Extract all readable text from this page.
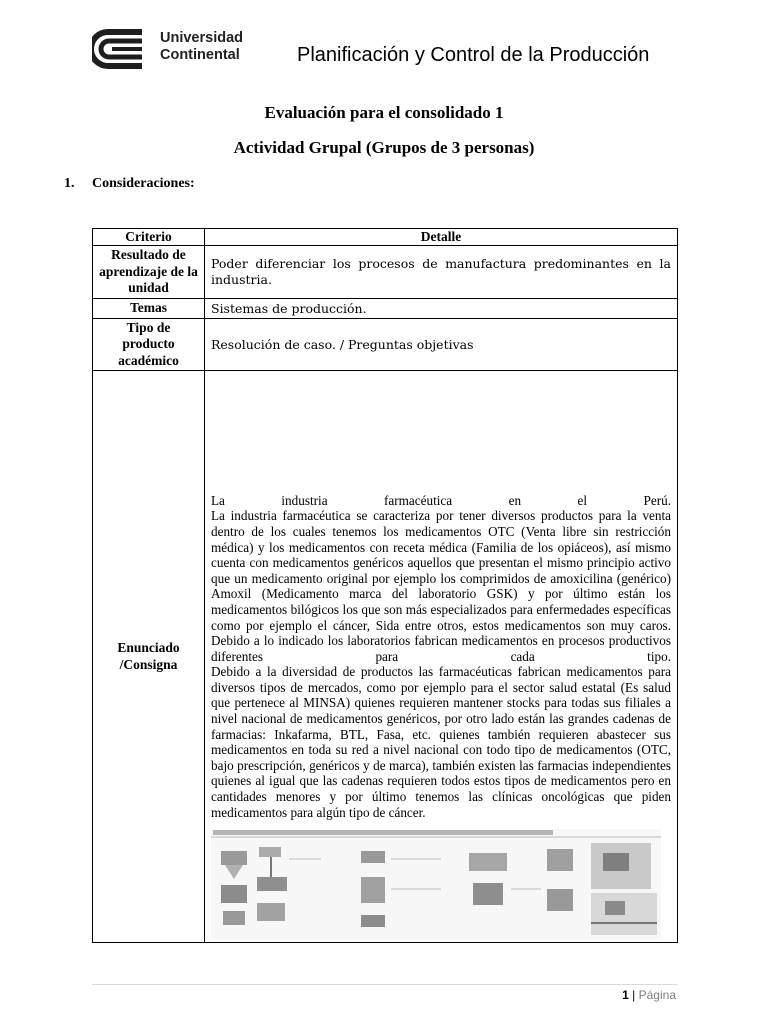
Universidad
Continental	Planificación y Control de la Producción
Evaluación para el consolidado 1
Actividad Grupal (Grupos de 3 personas)
1. Consideraciones:
Criterio	Detalle
Resultado de aprendizaje de la unidad	Poder diferenciar los procesos de manufactura predominantes en la industria.
Temas	Sistemas de producción.
Tipo de producto académico	Resolución de caso. / Preguntas objetivas
Enunciado /Consigna	La industria farmacéutica en el Perú.

La industria farmacéutica se caracteriza por tener diversos productos para la venta dentro de los cuales tenemos los medicamentos OTC (Venta libre sin restricción médica) y los medicamentos con receta médica (Familia de los opiáceos), así mismo cuenta con medicamentos genéricos aquellos que presentan el mismo principio activo que un medicamento original por ejemplo los comprimidos de amoxicilina (genérico) Amoxil (Medicamento marca del laboratorio GSK) y por último están los medicamentos bilógicos los que son más especializados para enfermedades específicas como por ejemplo el cáncer, Sida entre otros, estos medicamentos son muy caros. Debido a lo indicado los laboratorios fabrican medicamentos en procesos productivos diferentes para cada tipo.

Debido a la diversidad de productos las farmacéuticas fabrican medicamentos para diversos tipos de mercados, como por ejemplo para el sector salud estatal (Es salud que pertenece al MINSA) quienes requieren mantener stocks para todas sus filiales a nivel nacional de medicamentos genéricos, por otro lado están las grandes cadenas de farmacias: Inkafarma, BTL, Fasa, etc. quienes también requieren abastecer sus medicamentos en toda su red a nivel nacional con todo tipo de medicamentos (OTC, bajo prescripción, genéricos y de marca), también existen las farmacias independientes quienes al igual que las cadenas requieren todos estos tipos de medicamentos pero en cantidades menores y por último tenemos las clínicas oncológicas que piden medicamentos para algún tipo de cáncer.

1 | Página
